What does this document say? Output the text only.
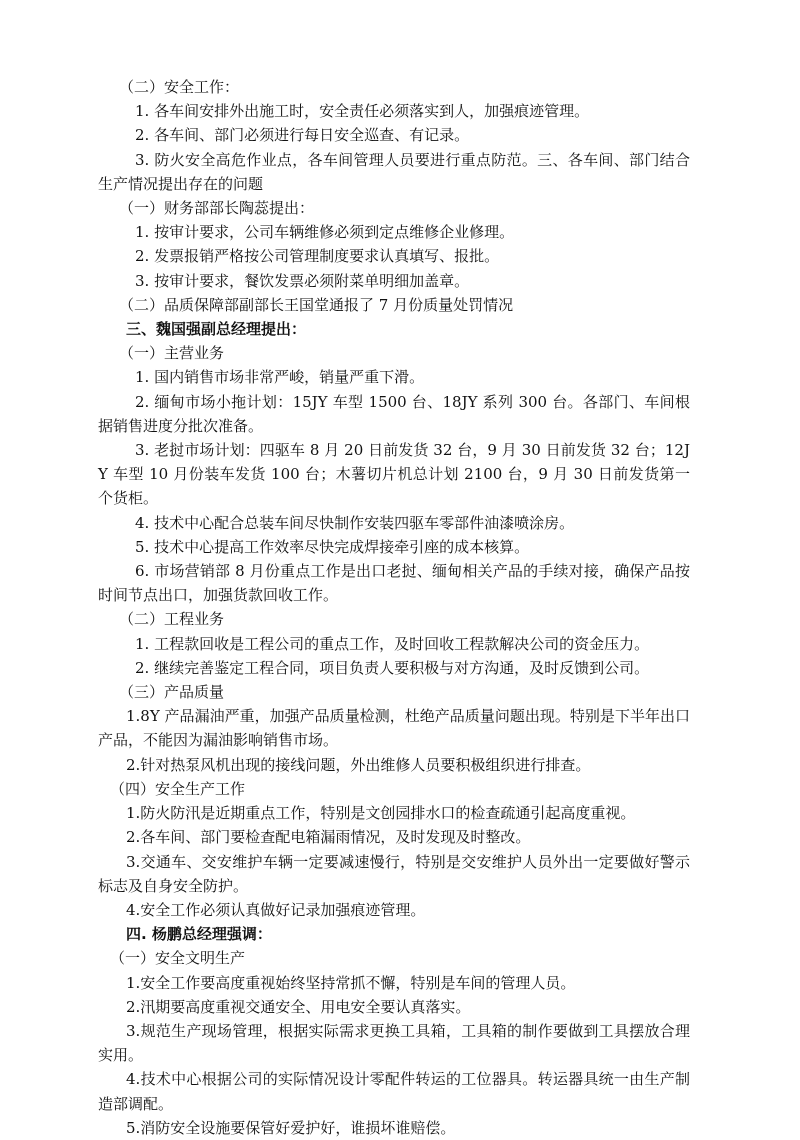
（二）安全工作：
1. 各车间安排外出施工时，安全责任必须落实到人，加强痕迹管理。
2. 各车间、部门必须进行每日安全巡查、有记录。
3. 防火安全高危作业点，各车间管理人员要进行重点防范。三、各车间、部门结合生产情况提出存在的问题
（一）财务部部长陶蕊提出：
1. 按审计要求，公司车辆维修必须到定点维修企业修理。
2. 发票报销严格按公司管理制度要求认真填写、报批。
3. 按审计要求，餐饮发票必须附菜单明细加盖章。
（二）品质保障部副部长王国堂通报了 7 月份质量处罚情况
三、魏国强副总经理提出：
（一）主营业务
1. 国内销售市场非常严峻，销量严重下滑。
2. 缅甸市场小拖计划：15JY 车型 1500 台、18JY 系列 300 台。各部门、车间根据销售进度分批次准备。
3. 老挝市场计划：四驱车 8 月 20 日前发货 32 台，9 月 30 日前发货 32 台；12JY 车型 10 月份装车发货 100 台；木薯切片机总计划 2100 台，9 月 30 日前发货第一个货柜。
4. 技术中心配合总装车间尽快制作安装四驱车零部件油漆喷涂房。
5. 技术中心提高工作效率尽快完成焊接牵引座的成本核算。
6. 市场营销部 8 月份重点工作是出口老挝、缅甸相关产品的手续对接，确保产品按时间节点出口，加强货款回收工作。
（二）工程业务
1. 工程款回收是工程公司的重点工作，及时回收工程款解决公司的资金压力。
2. 继续完善鉴定工程合同，项目负责人要积极与对方沟通，及时反馈到公司。
（三）产品质量
1.8Y 产品漏油严重，加强产品质量检测，杜绝产品质量问题出现。特别是下半年出口产品，不能因为漏油影响销售市场。
2.针对热泵风机出现的接线问题，外出维修人员要积极组织进行排查。
（四）安全生产工作
1.防火防汛是近期重点工作，特别是文创园排水口的检查疏通引起高度重视。
2.各车间、部门要检查配电箱漏雨情况，及时发现及时整改。
3.交通车、交安维护车辆一定要减速慢行，特别是交安维护人员外出一定要做好警示标志及自身安全防护。
4.安全工作必须认真做好记录加强痕迹管理。
四. 杨鹏总经理强调：
（一）安全文明生产
1.安全工作要高度重视始终坚持常抓不懈，特别是车间的管理人员。
2.汛期要高度重视交通安全、用电安全要认真落实。
3.规范生产现场管理，根据实际需求更换工具箱，工具箱的制作要做到工具摆放合理实用。
4.技术中心根据公司的实际情况设计零配件转运的工位器具。转运器具统一由生产制造部调配。
5.消防安全设施要保管好爱护好，谁损坏谁赔偿。
